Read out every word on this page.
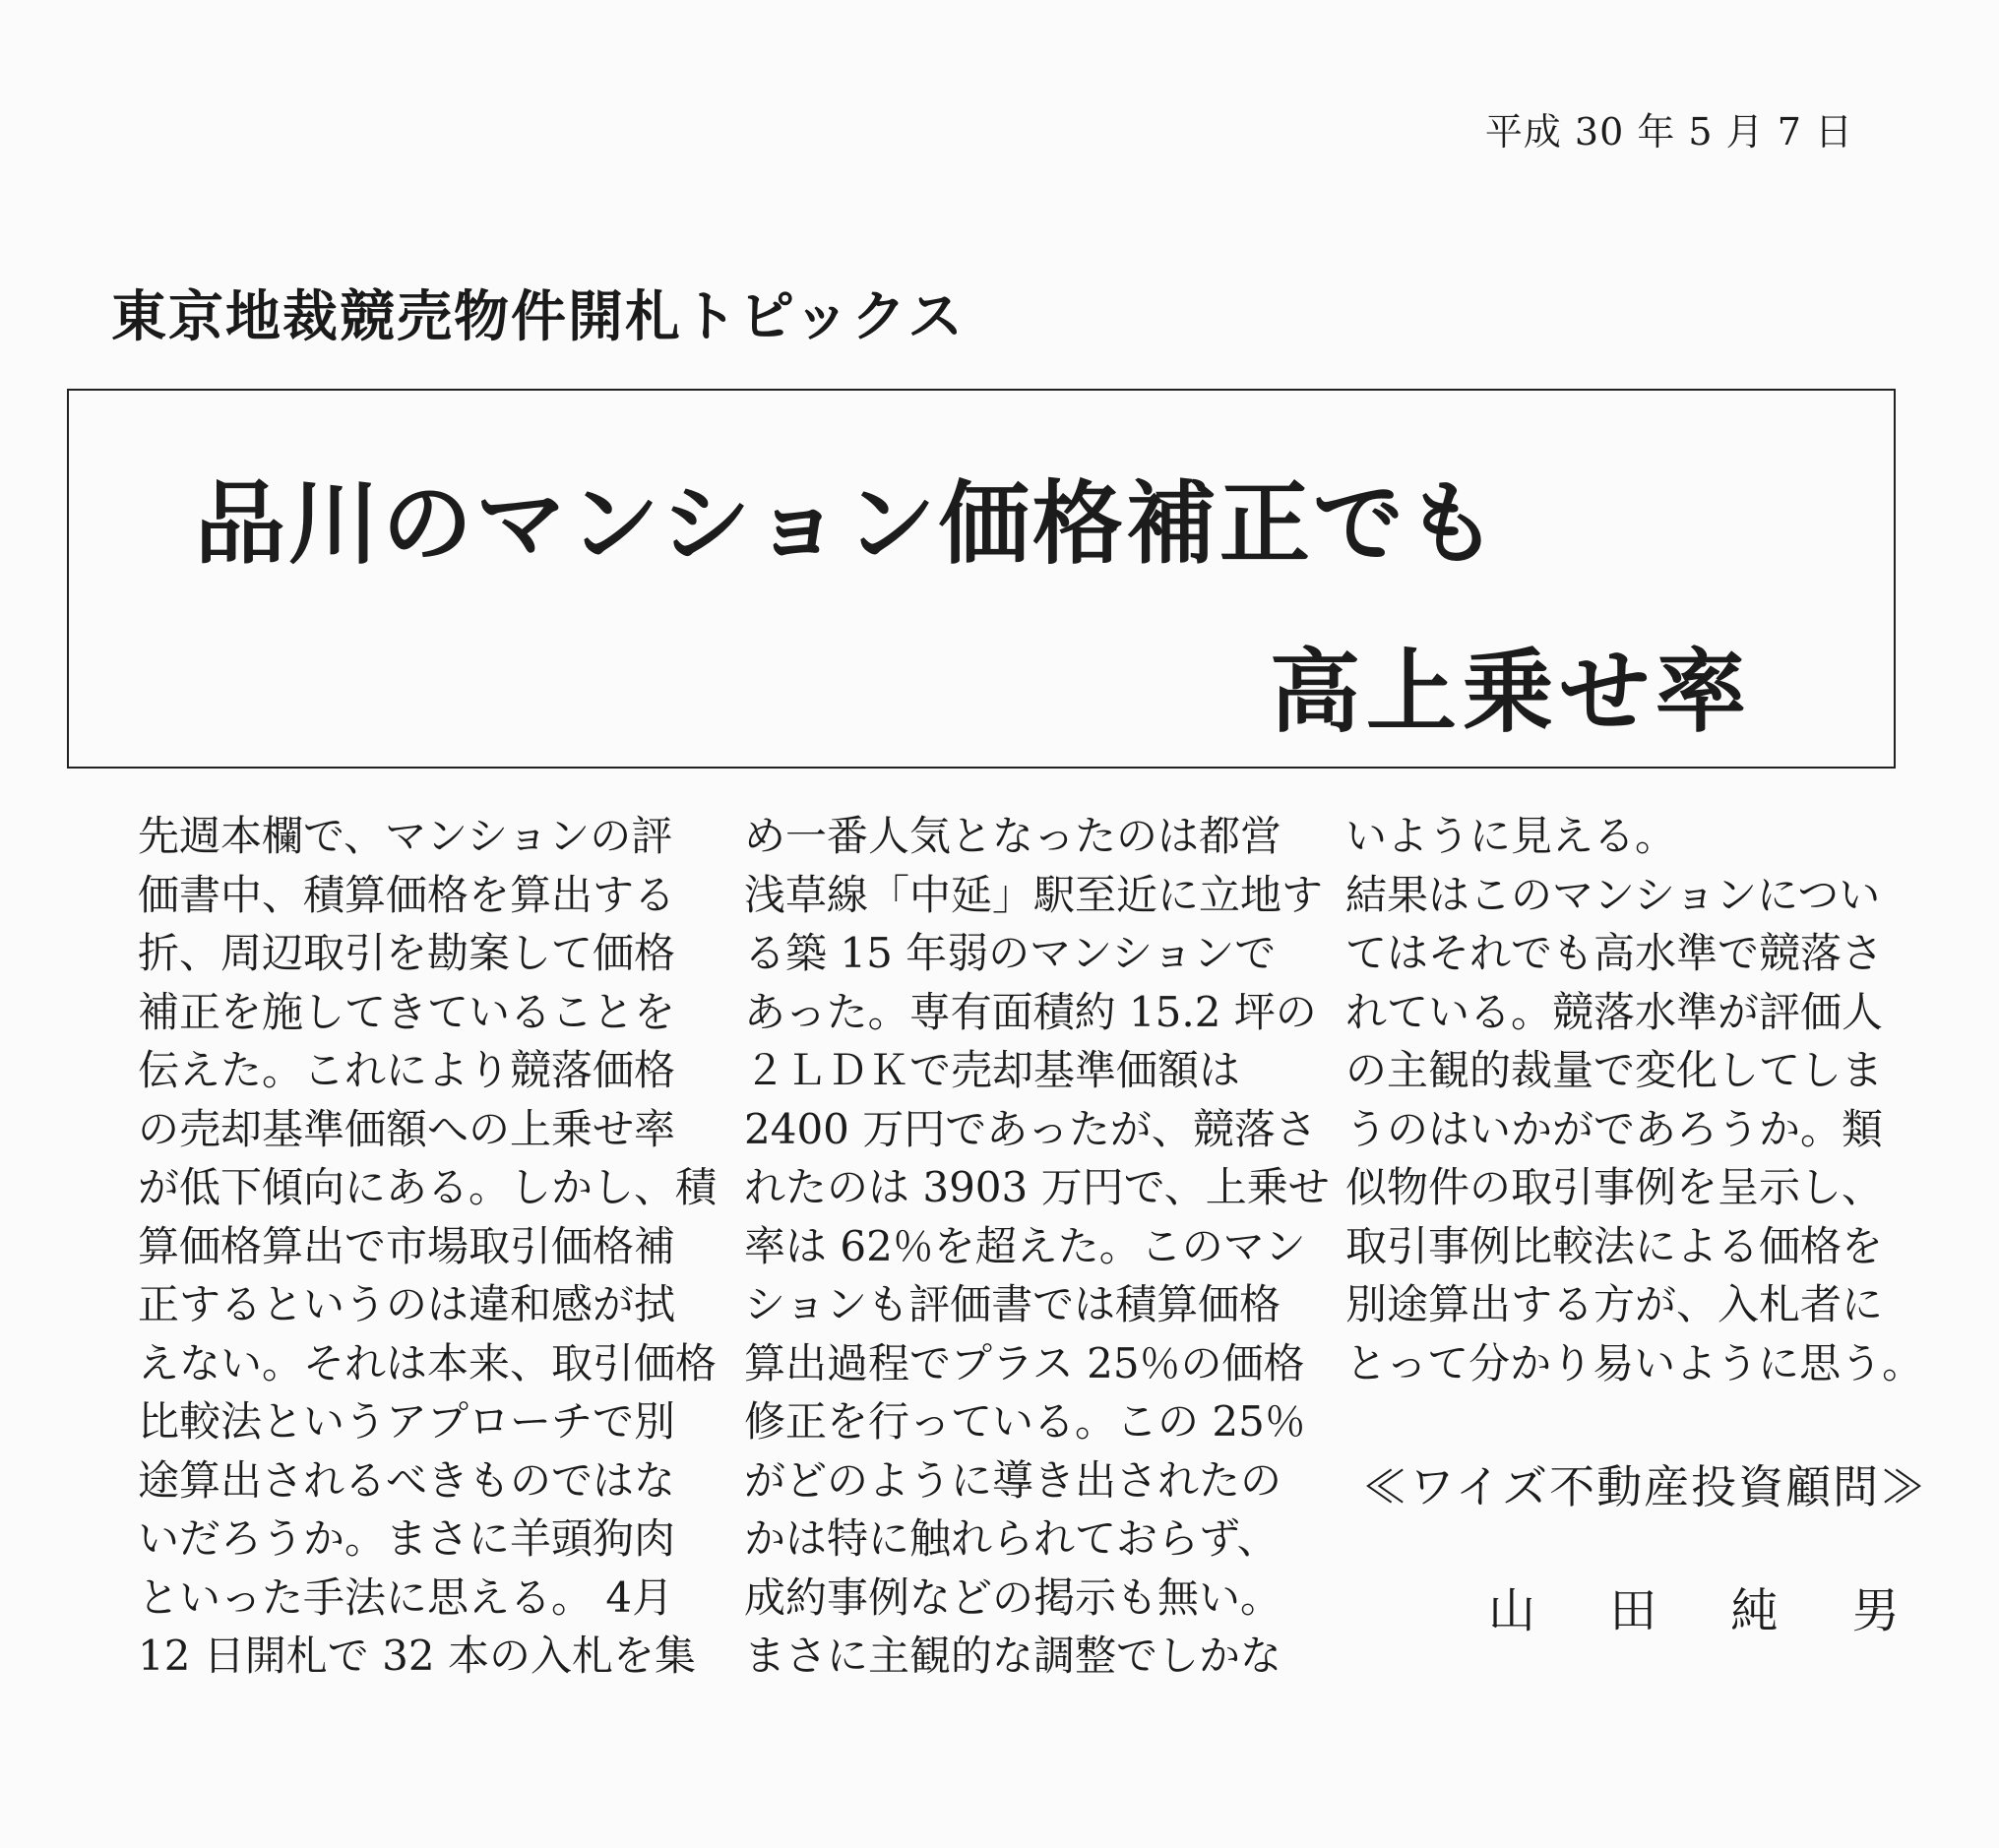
平成 30 年 5 月 7 日
東京地裁競売物件開札トピックス
品川のマンション価格補正でも
高上乗せ率
先週本欄で、マンションの評
価書中、積算価格を算出する
折、周辺取引を勘案して価格
補正を施してきていることを
伝えた。これにより競落価格
の売却基準価額への上乗せ率
が低下傾向にある。しかし、積
算価格算出で市場取引価格補
正するというのは違和感が拭
えない。それは本来、取引価格
比較法というアプローチで別
途算出されるべきものではな
いだろうか。まさに羊頭狗肉
といった手法に思える。 4月
12 日開札で 32 本の入札を集
め一番人気となったのは都営
浅草線「中延」駅至近に立地す
る築 15 年弱のマンションで
あった。専有面積約 15.2 坪の
２ＬＤＫで売却基準価額は
2400 万円であったが、競落さ
れたのは 3903 万円で、上乗せ
率は 62％を超えた。このマン
ションも評価書では積算価格
算出過程でプラス 25％の価格
修正を行っている。この 25％
がどのように導き出されたの
かは特に触れられておらず、
成約事例などの掲示も無い。
まさに主観的な調整でしかな
いように見える。
結果はこのマンションについ
てはそれでも高水準で競落さ
れている。競落水準が評価人
の主観的裁量で変化してしま
うのはいかがであろうか。類
似物件の取引事例を呈示し、
取引事例比較法による価格を
別途算出する方が、入札者に
とって分かり易いように思う。
≪ワイズ不動産投資顧問≫
山 田 純 男
